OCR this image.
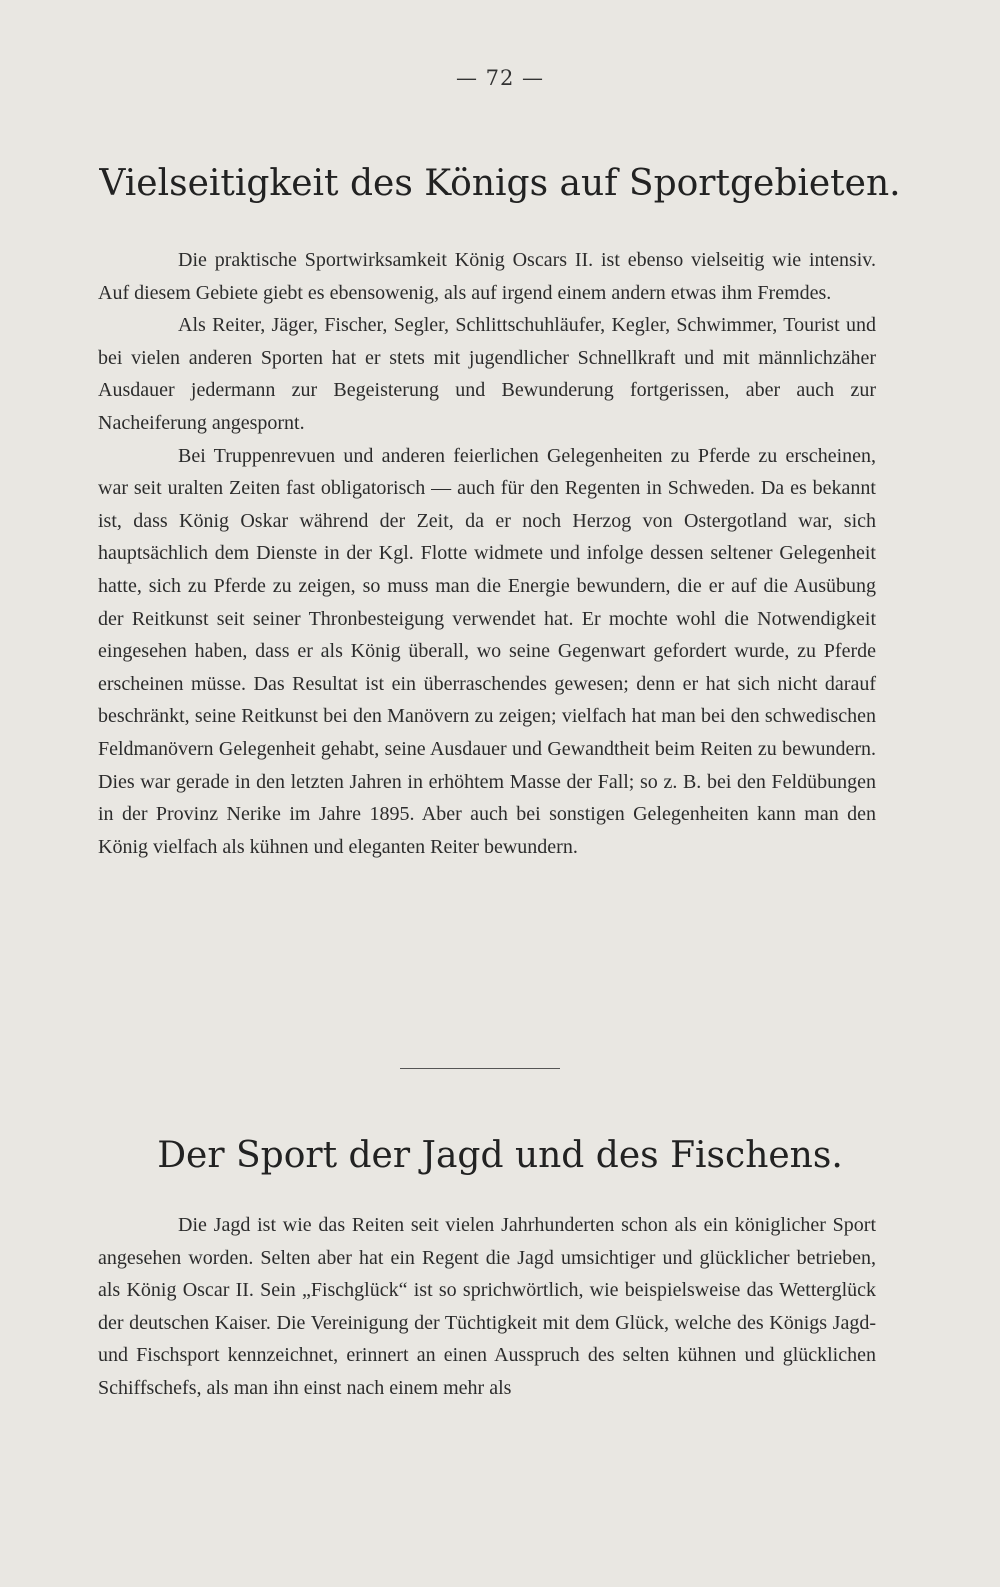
— 72 —
Vielseitigkeit des Königs auf Sportgebieten.

Die praktische Sportwirksamkeit König Oscars II. ist ebenso vielseitig wie intensiv. Auf diesem Gebiete giebt es ebensowenig, als auf irgend einem andern etwas ihm Fremdes.

Als Reiter, Jäger, Fischer, Segler, Schlittschuhläufer, Kegler, Schwimmer, Tourist und bei vielen anderen Sporten hat er stets mit jugendlicher Schnellkraft und mit männlichzäher Ausdauer jedermann zur Begeisterung und Bewunderung fortgerissen, aber auch zur Nacheiferung angespornt.

Bei Truppenrevuen und anderen feierlichen Gelegenheiten zu Pferde zu erscheinen, war seit uralten Zeiten fast obligatorisch — auch für den Regenten in Schweden. Da es bekannt ist, dass König Oskar während der Zeit, da er noch Herzog von Ostergotland war, sich hauptsächlich dem Dienste in der Kgl. Flotte widmete und infolge dessen seltener Gelegenheit hatte, sich zu Pferde zu zeigen, so muss man die Energie bewundern, die er auf die Ausübung der Reitkunst seit seiner Thronbesteigung verwendet hat. Er mochte wohl die Notwendigkeit eingesehen haben, dass er als König überall, wo seine Gegenwart gefordert wurde, zu Pferde erscheinen müsse. Das Resultat ist ein überraschendes gewesen; denn er hat sich nicht darauf beschränkt, seine Reitkunst bei den Manövern zu zeigen; vielfach hat man bei den schwedischen Feldmanövern Gelegenheit gehabt, seine Ausdauer und Gewandtheit beim Reiten zu bewundern. Dies war gerade in den letzten Jahren in erhöhtem Masse der Fall; so z. B. bei den Feldübungen in der Provinz Nerike im Jahre 1895. Aber auch bei sonstigen Gelegenheiten kann man den König vielfach als kühnen und eleganten Reiter bewundern.

Der Sport der Jagd und des Fischens.

Die Jagd ist wie das Reiten seit vielen Jahrhunderten schon als ein königlicher Sport angesehen worden. Selten aber hat ein Regent die Jagd umsichtiger und glücklicher betrieben, als König Oscar II. Sein „Fischglück“ ist so sprichwörtlich, wie beispielsweise das Wetterglück der deutschen Kaiser. Die Vereinigung der Tüchtigkeit mit dem Glück, welche des Königs Jagd- und Fischsport kennzeichnet, erinnert an einen Ausspruch des selten kühnen und glücklichen Schiffschefs, als man ihn einst nach einem mehr als
